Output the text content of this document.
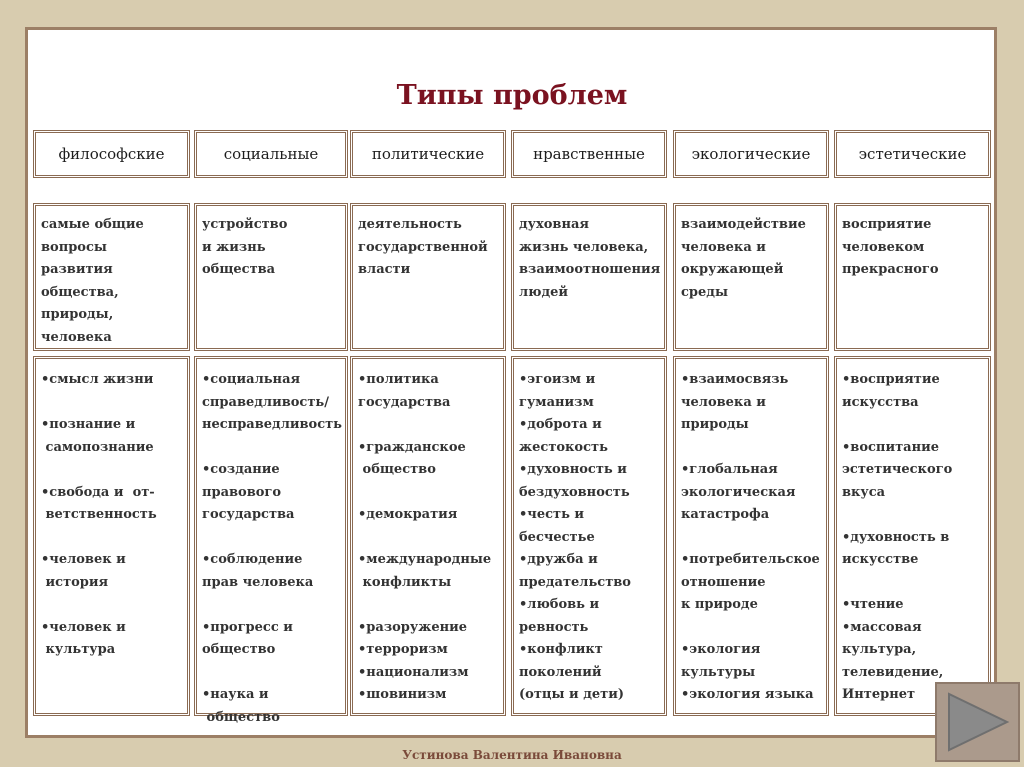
Типы проблем
философские
самые общие
вопросы
развития
общества,
природы,
человека
•смысл жизни
•познание и
самопознание
•свобода и  от-
ветственность
•человек и
история
•человек и
культура
социальные
устройство
и жизнь
общества
•социальная
справедливость/
несправедливость
•создание
правового
государства
•соблюдение
прав человека
•прогресс и
общество
•наука и
общество
политические
деятельность
государственной
власти
•политика
государства
•гражданское
общество
•демократия
•международные
конфликты
•разоружение
•терроризм
•национализм
•шовинизм
нравственные
духовная
жизнь человека,
взаимоотношения
людей
•эгоизм и
гуманизм
•доброта и
жестокость
•духовность и
бездуховность
•честь и
бесчестье
•дружба и
предательство
•любовь и
ревность
•конфликт
поколений
(отцы и дети)
экологические
взаимодействие
человека и
окружающей
среды
•взаимосвязь
человека и
природы
•глобальная
экологическая
катастрофа
•потребительское
отношение
к природе
•экология
культуры
•экология языка
эстетические
восприятие
человеком
прекрасного
•восприятие
искусства
•воспитание
эстетического
вкуса
•духовность в
искусстве
•чтение
•массовая
культура,
телевидение,
Интернет
Устинова Валентина Ивановна
